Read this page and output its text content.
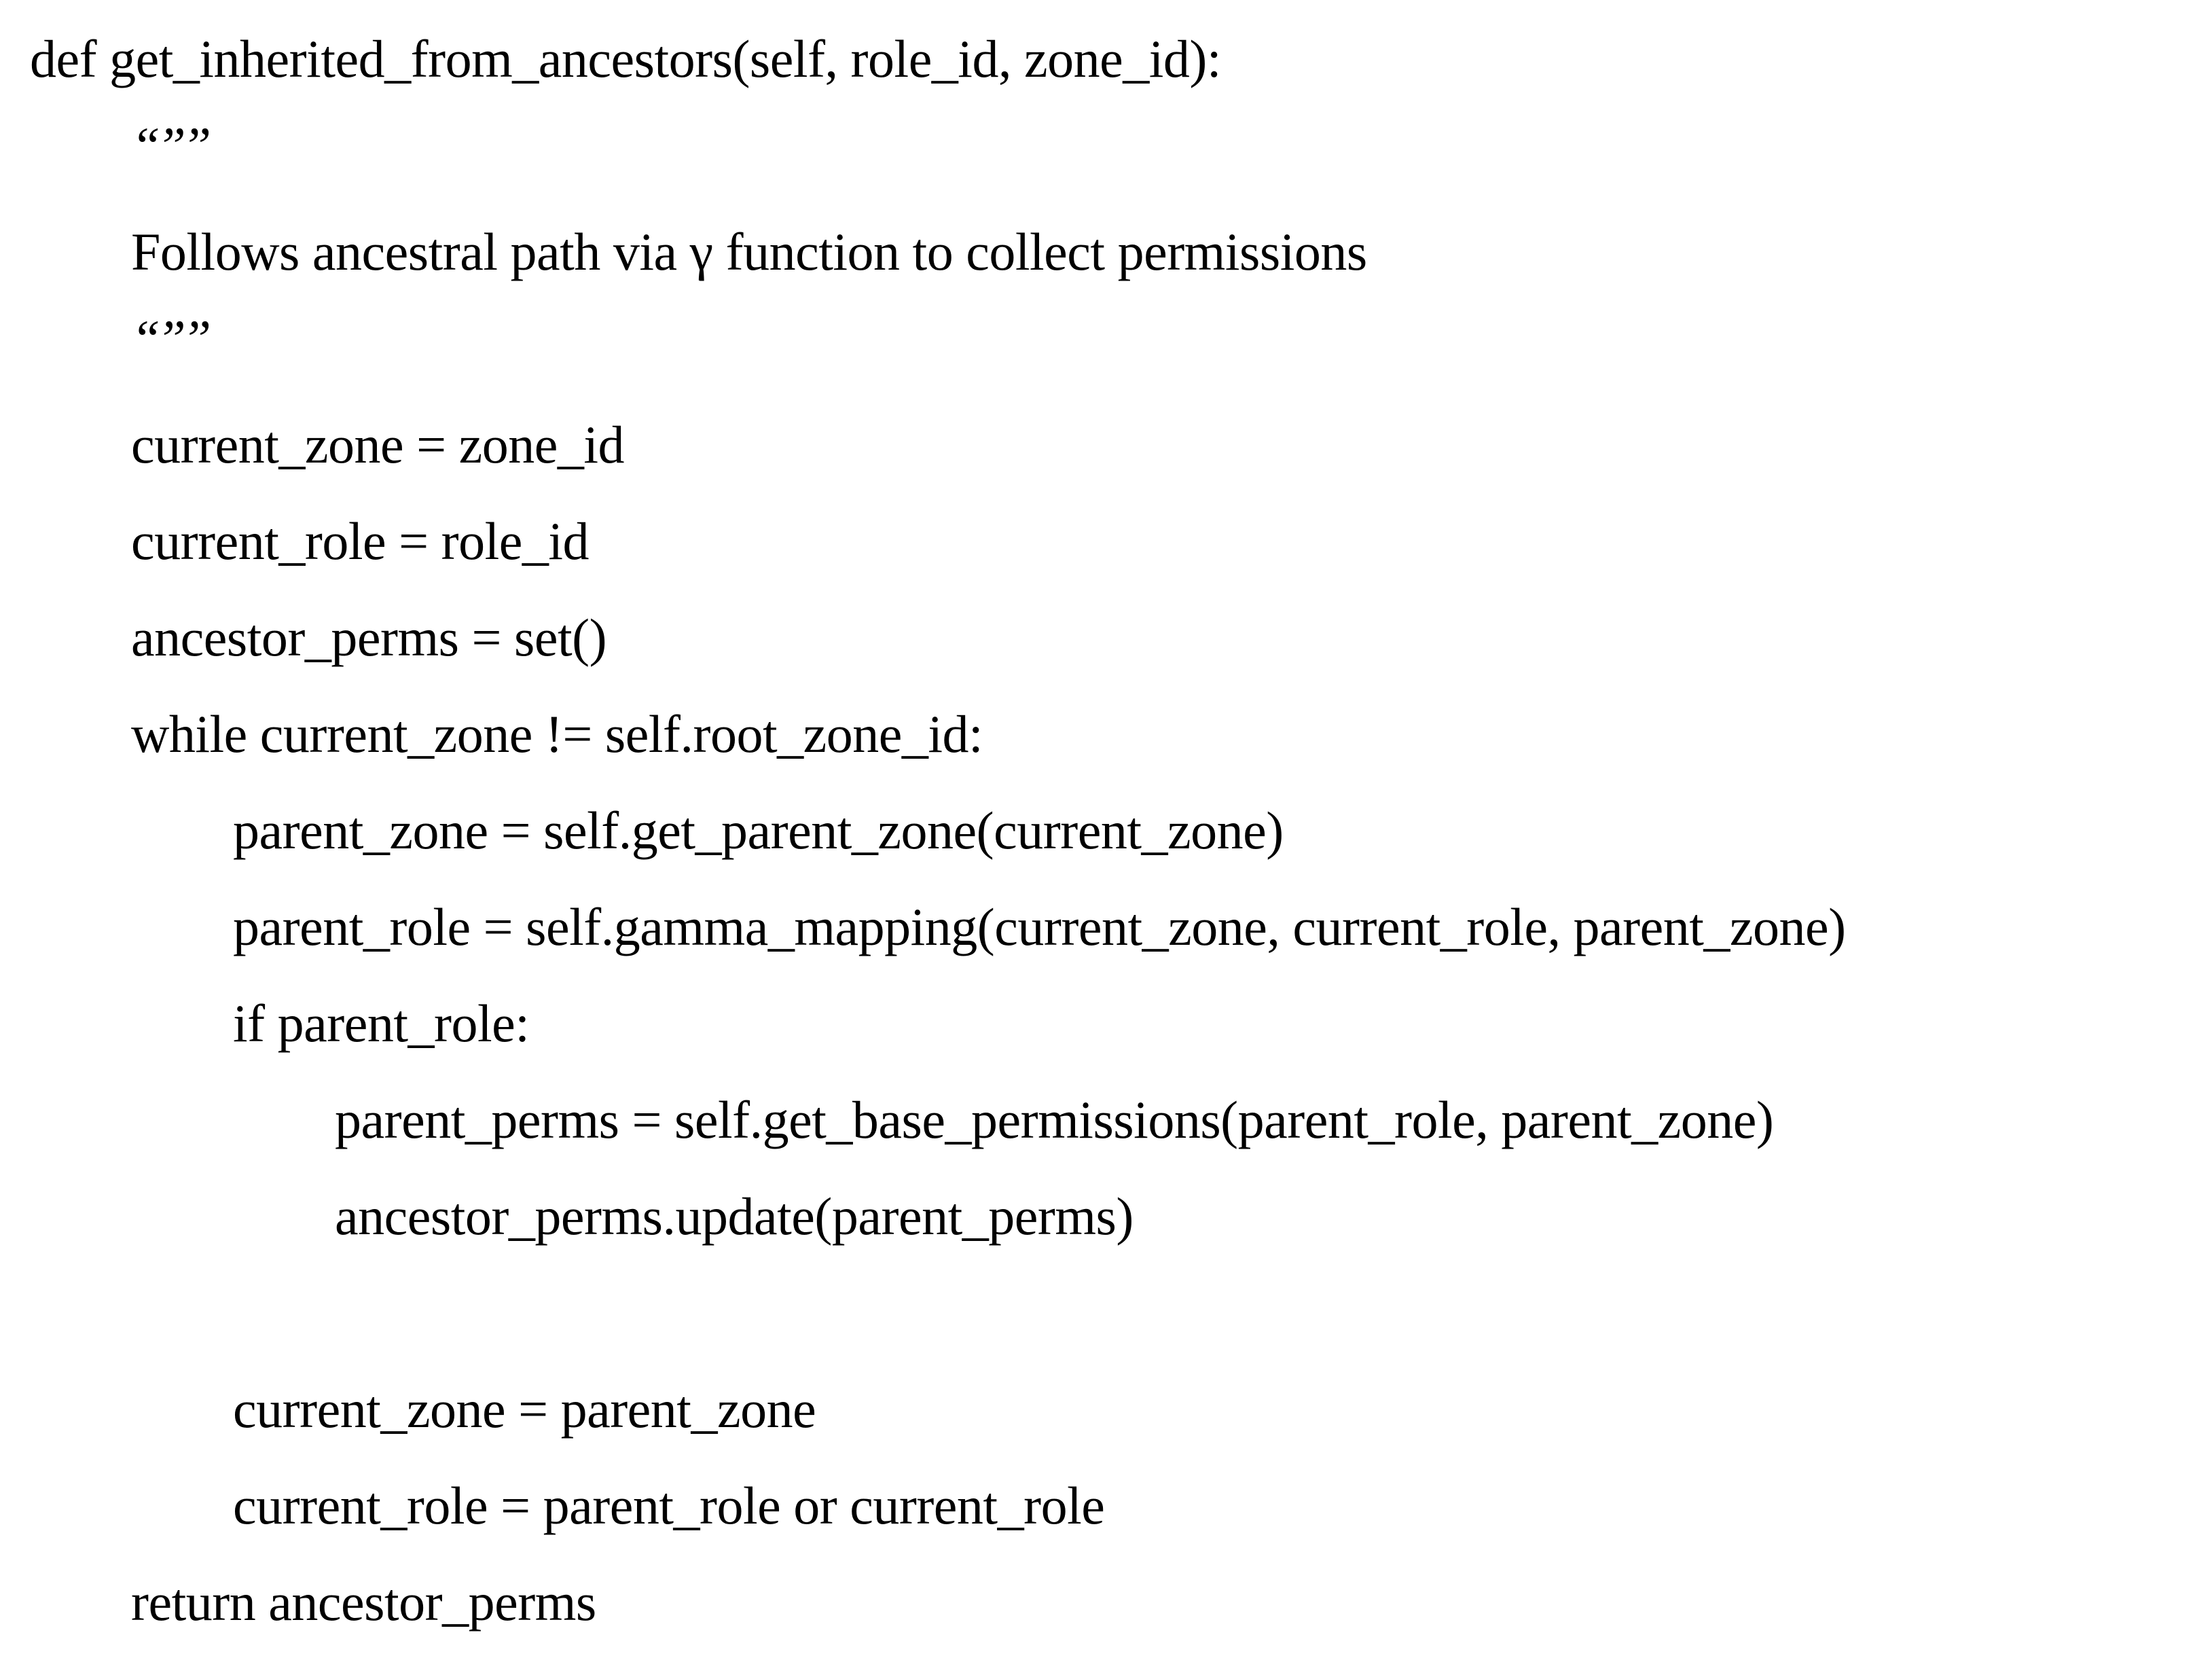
def get_inherited_from_ancestors(self, role_id, zone_id):
“””
Follows ancestral path via γ function to collect permissions
“””
current_zone = zone_id
current_role = role_id
ancestor_perms = set()
while current_zone != self.root_zone_id:
parent_zone = self.get_parent_zone(current_zone)
parent_role = self.gamma_mapping(current_zone, current_role, parent_zone)
if parent_role:
parent_perms = self.get_base_permissions(parent_role, parent_zone)
ancestor_perms.update(parent_perms)
current_zone = parent_zone
current_role = parent_role or current_role
return ancestor_perms
